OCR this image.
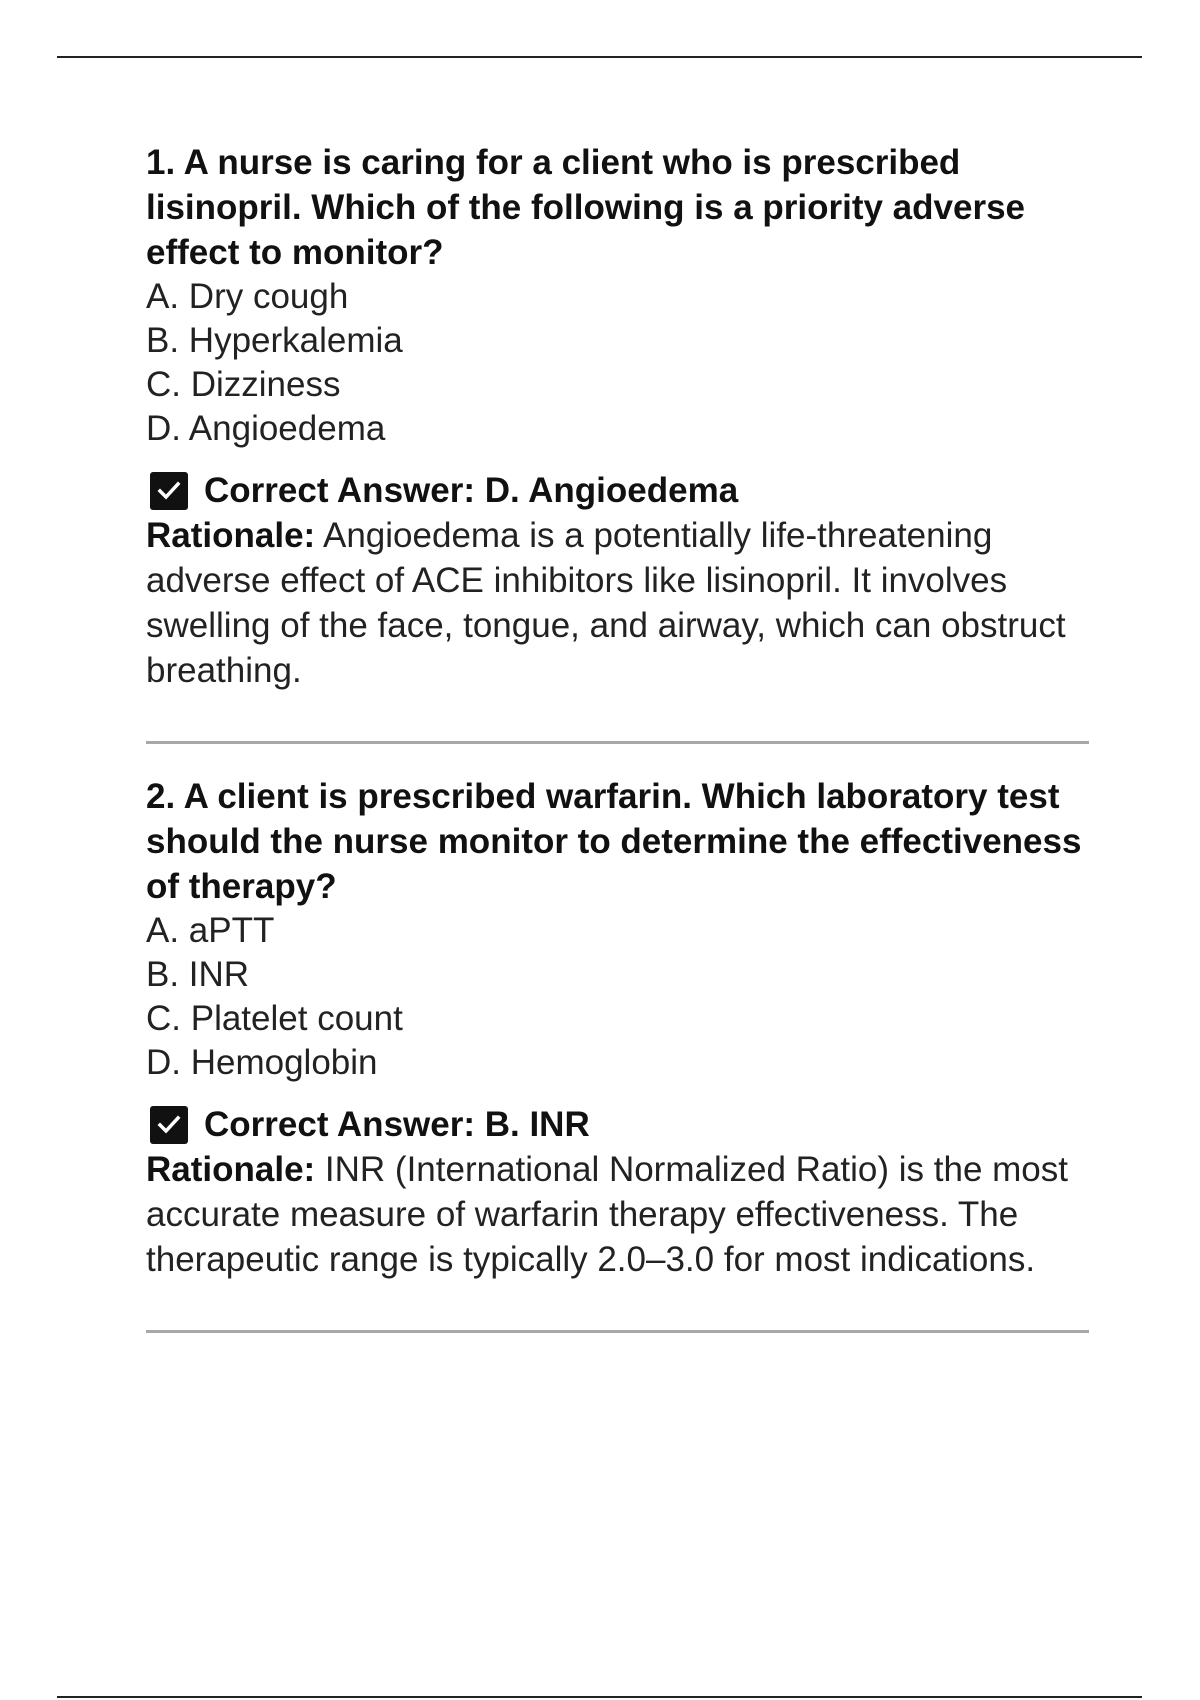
1. A nurse is caring for a client who is prescribed lisinopril. Which of the following is a priority adverse effect to monitor?

A. Dry cough
B. Hyperkalemia
C. Dizziness
D. Angioedema
Correct Answer: D. Angioedema

Rationale: Angioedema is a potentially life-threatening adverse effect of ACE inhibitors like lisinopril. It involves swelling of the face, tongue, and airway, which can obstruct breathing.

2. A client is prescribed warfarin. Which laboratory test should the nurse monitor to determine the effectiveness of therapy?

A. aPTT
B. INR
C. Platelet count
D. Hemoglobin
Correct Answer: B. INR

Rationale: INR (International Normalized Ratio) is the most accurate measure of warfarin therapy effectiveness. The therapeutic range is typically 2.0–3.0 for most indications.
